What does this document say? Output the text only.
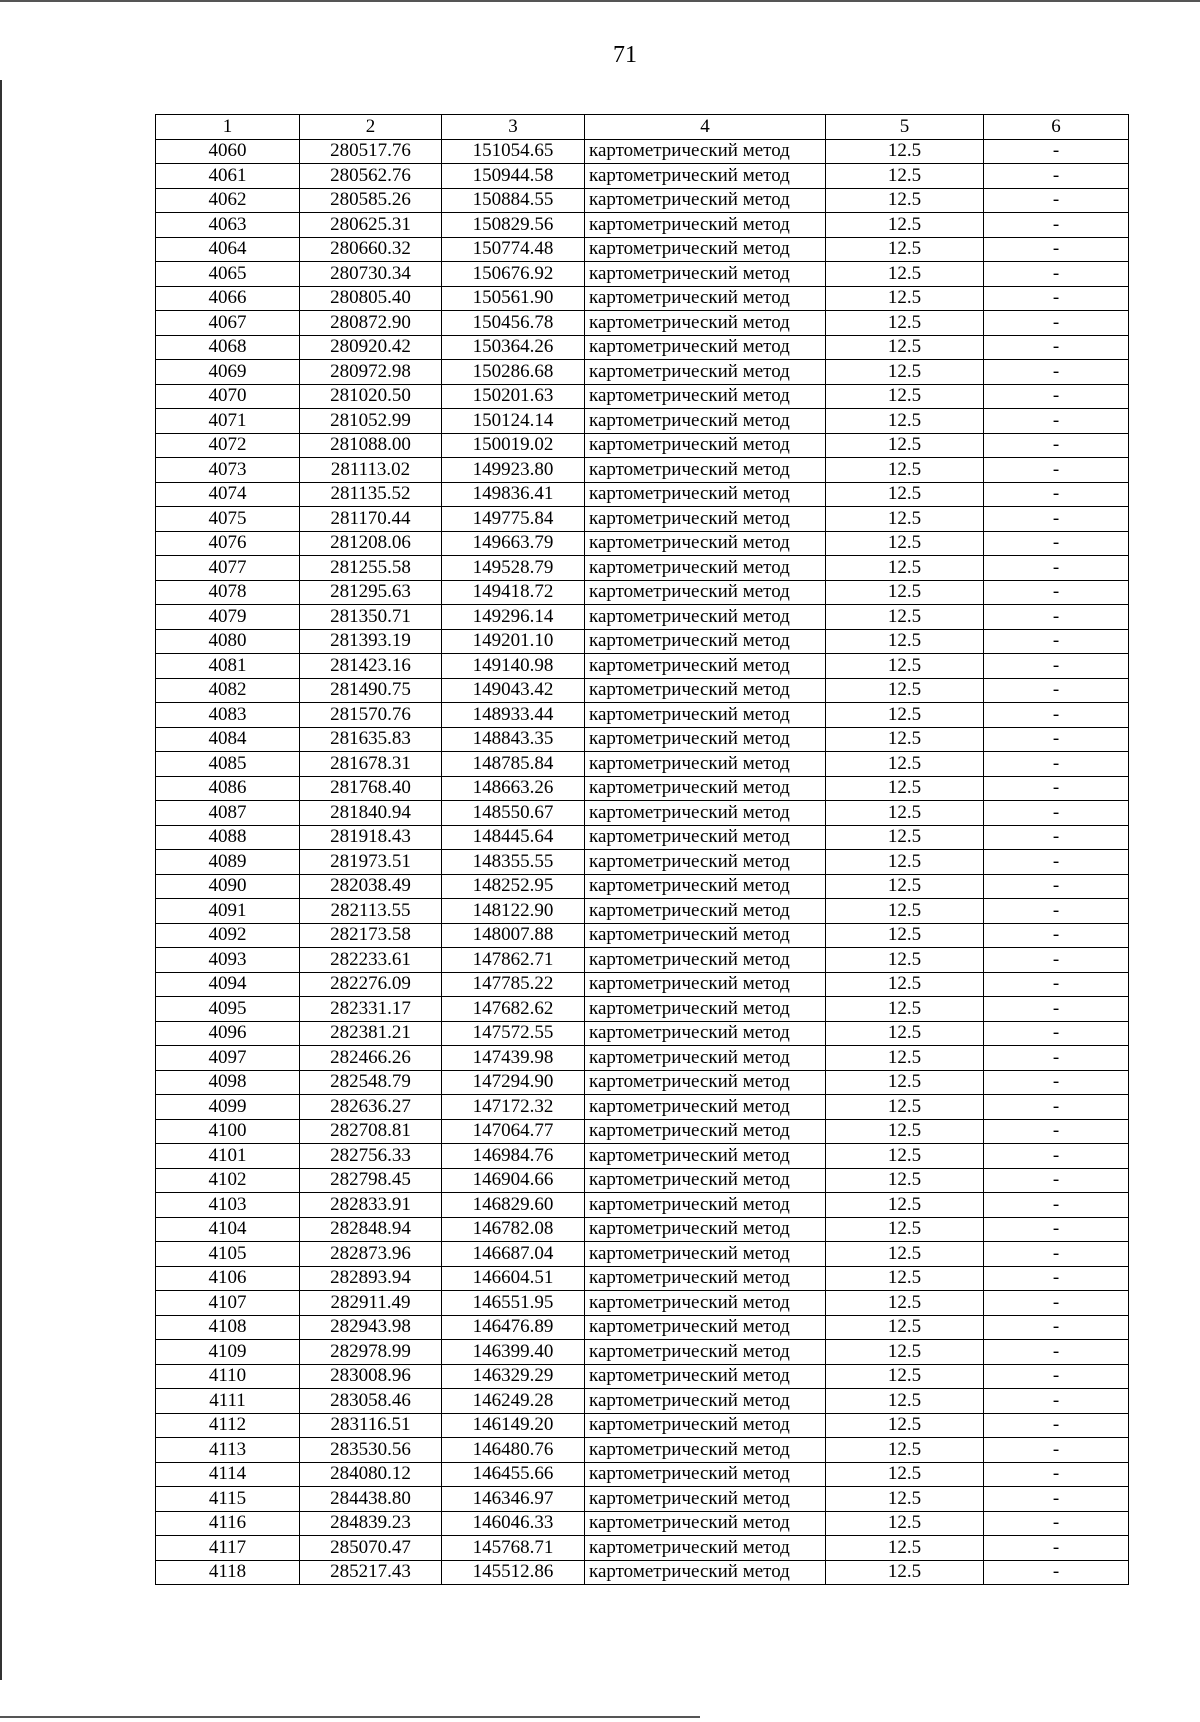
71
1	2	3	4	5	6
4060	280517.76	151054.65	картометрический метод	12.5	-
4061	280562.76	150944.58	картометрический метод	12.5	-
4062	280585.26	150884.55	картометрический метод	12.5	-
4063	280625.31	150829.56	картометрический метод	12.5	-
4064	280660.32	150774.48	картометрический метод	12.5	-
4065	280730.34	150676.92	картометрический метод	12.5	-
4066	280805.40	150561.90	картометрический метод	12.5	-
4067	280872.90	150456.78	картометрический метод	12.5	-
4068	280920.42	150364.26	картометрический метод	12.5	-
4069	280972.98	150286.68	картометрический метод	12.5	-
4070	281020.50	150201.63	картометрический метод	12.5	-
4071	281052.99	150124.14	картометрический метод	12.5	-
4072	281088.00	150019.02	картометрический метод	12.5	-
4073	281113.02	149923.80	картометрический метод	12.5	-
4074	281135.52	149836.41	картометрический метод	12.5	-
4075	281170.44	149775.84	картометрический метод	12.5	-
4076	281208.06	149663.79	картометрический метод	12.5	-
4077	281255.58	149528.79	картометрический метод	12.5	-
4078	281295.63	149418.72	картометрический метод	12.5	-
4079	281350.71	149296.14	картометрический метод	12.5	-
4080	281393.19	149201.10	картометрический метод	12.5	-
4081	281423.16	149140.98	картометрический метод	12.5	-
4082	281490.75	149043.42	картометрический метод	12.5	-
4083	281570.76	148933.44	картометрический метод	12.5	-
4084	281635.83	148843.35	картометрический метод	12.5	-
4085	281678.31	148785.84	картометрический метод	12.5	-
4086	281768.40	148663.26	картометрический метод	12.5	-
4087	281840.94	148550.67	картометрический метод	12.5	-
4088	281918.43	148445.64	картометрический метод	12.5	-
4089	281973.51	148355.55	картометрический метод	12.5	-
4090	282038.49	148252.95	картометрический метод	12.5	-
4091	282113.55	148122.90	картометрический метод	12.5	-
4092	282173.58	148007.88	картометрический метод	12.5	-
4093	282233.61	147862.71	картометрический метод	12.5	-
4094	282276.09	147785.22	картометрический метод	12.5	-
4095	282331.17	147682.62	картометрический метод	12.5	-
4096	282381.21	147572.55	картометрический метод	12.5	-
4097	282466.26	147439.98	картометрический метод	12.5	-
4098	282548.79	147294.90	картометрический метод	12.5	-
4099	282636.27	147172.32	картометрический метод	12.5	-
4100	282708.81	147064.77	картометрический метод	12.5	-
4101	282756.33	146984.76	картометрический метод	12.5	-
4102	282798.45	146904.66	картометрический метод	12.5	-
4103	282833.91	146829.60	картометрический метод	12.5	-
4104	282848.94	146782.08	картометрический метод	12.5	-
4105	282873.96	146687.04	картометрический метод	12.5	-
4106	282893.94	146604.51	картометрический метод	12.5	-
4107	282911.49	146551.95	картометрический метод	12.5	-
4108	282943.98	146476.89	картометрический метод	12.5	-
4109	282978.99	146399.40	картометрический метод	12.5	-
4110	283008.96	146329.29	картометрический метод	12.5	-
4111	283058.46	146249.28	картометрический метод	12.5	-
4112	283116.51	146149.20	картометрический метод	12.5	-
4113	283530.56	146480.76	картометрический метод	12.5	-
4114	284080.12	146455.66	картометрический метод	12.5	-
4115	284438.80	146346.97	картометрический метод	12.5	-
4116	284839.23	146046.33	картометрический метод	12.5	-
4117	285070.47	145768.71	картометрический метод	12.5	-
4118	285217.43	145512.86	картометрический метод	12.5	-
